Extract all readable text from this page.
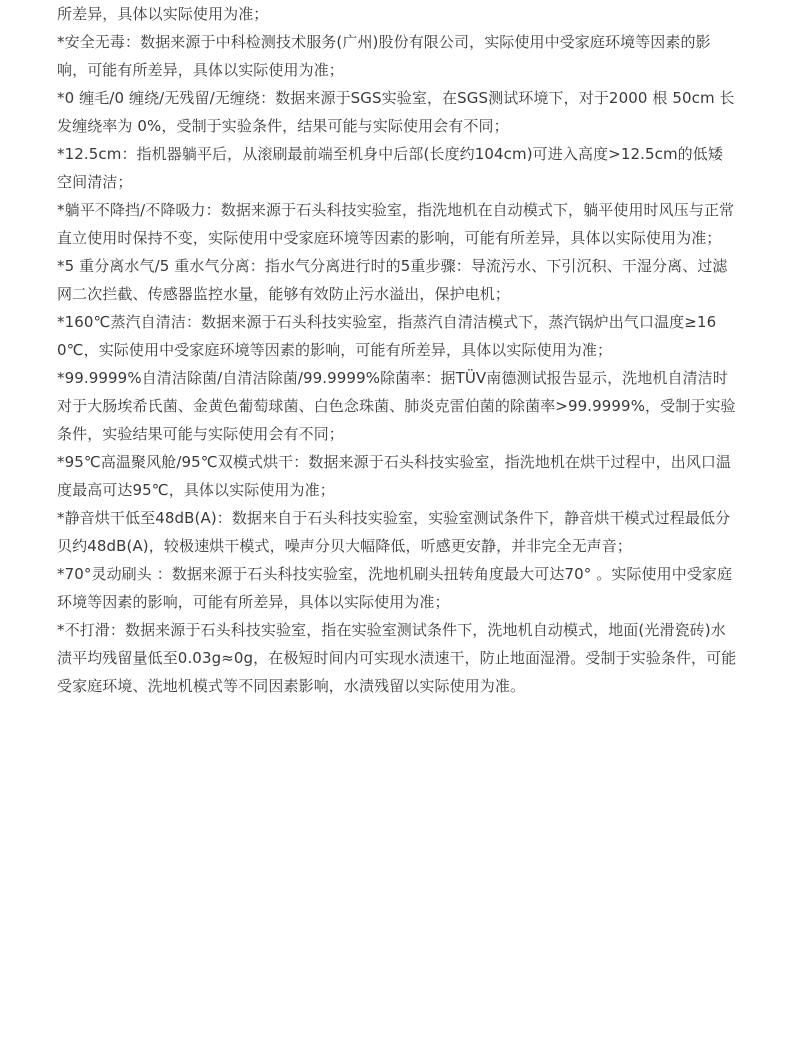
所差异，具体以实际使用为准；
*安全无毒：数据来源于中科检测技术服务(广州)股份有限公司，实际使用中受家庭环境等因素的影响，可能有所差异，具体以实际使用为准；
*0 缠毛/0 缠绕/无残留/无缠绕：数据来源于SGS实验室，在SGS测试环境下，对于2000 根 50cm 长发缠绕率为 0%，受制于实验条件，结果可能与实际使用会有不同；
*12.5cm：指机器躺平后，从滚刷最前端至机身中后部(长度约104cm)可进入高度>12.5cm的低矮空间清洁；
*躺平不降挡/不降吸力：数据来源于石头科技实验室，指洗地机在自动模式下，躺平使用时风压与正常直立使用时保持不变，实际使用中受家庭环境等因素的影响，可能有所差异，具体以实际使用为准；
*5 重分离水气/5 重水气分离：指水气分离进行时的5重步骤：导流污水、下引沉积、干湿分离、过滤网二次拦截、传感器监控水量，能够有效防止污水溢出，保护电机；
*160℃蒸汽自清洁：数据来源于石头科技实验室，指蒸汽自清洁模式下，蒸汽锅炉出气口温度≥160℃，实际使用中受家庭环境等因素的影响，可能有所差异，具体以实际使用为准；
*99.9999%自清洁除菌/自清洁除菌/99.9999%除菌率：据TÜV南德测试报告显示，洗地机自清洁时对于大肠埃希氏菌、金黄色葡萄球菌、白色念珠菌、肺炎克雷伯菌的除菌率>99.9999%，受制于实验条件，实验结果可能与实际使用会有不同；
*95℃高温聚风舱/95℃双模式烘干：数据来源于石头科技实验室，指洗地机在烘干过程中，出风口温度最高可达95℃，具体以实际使用为准；
*静音烘干低至48dB(A)：数据来自于石头科技实验室，实验室测试条件下，静音烘干模式过程最低分贝约48dB(A)，较极速烘干模式，噪声分贝大幅降低，听感更安静，并非完全无声音；
*70°灵动刷头 ：数据来源于石头科技实验室，洗地机刷头扭转角度最大可达70° 。实际使用中受家庭环境等因素的影响，可能有所差异，具体以实际使用为准；
*不打滑：数据来源于石头科技实验室，指在实验室测试条件下，洗地机自动模式，地面(光滑瓷砖)水渍平均残留量低至0.03g≈0g，在极短时间内可实现水渍速干，防止地面湿滑。受制于实验条件，可能受家庭环境、洗地机模式等不同因素影响，水渍残留以实际使用为准。
